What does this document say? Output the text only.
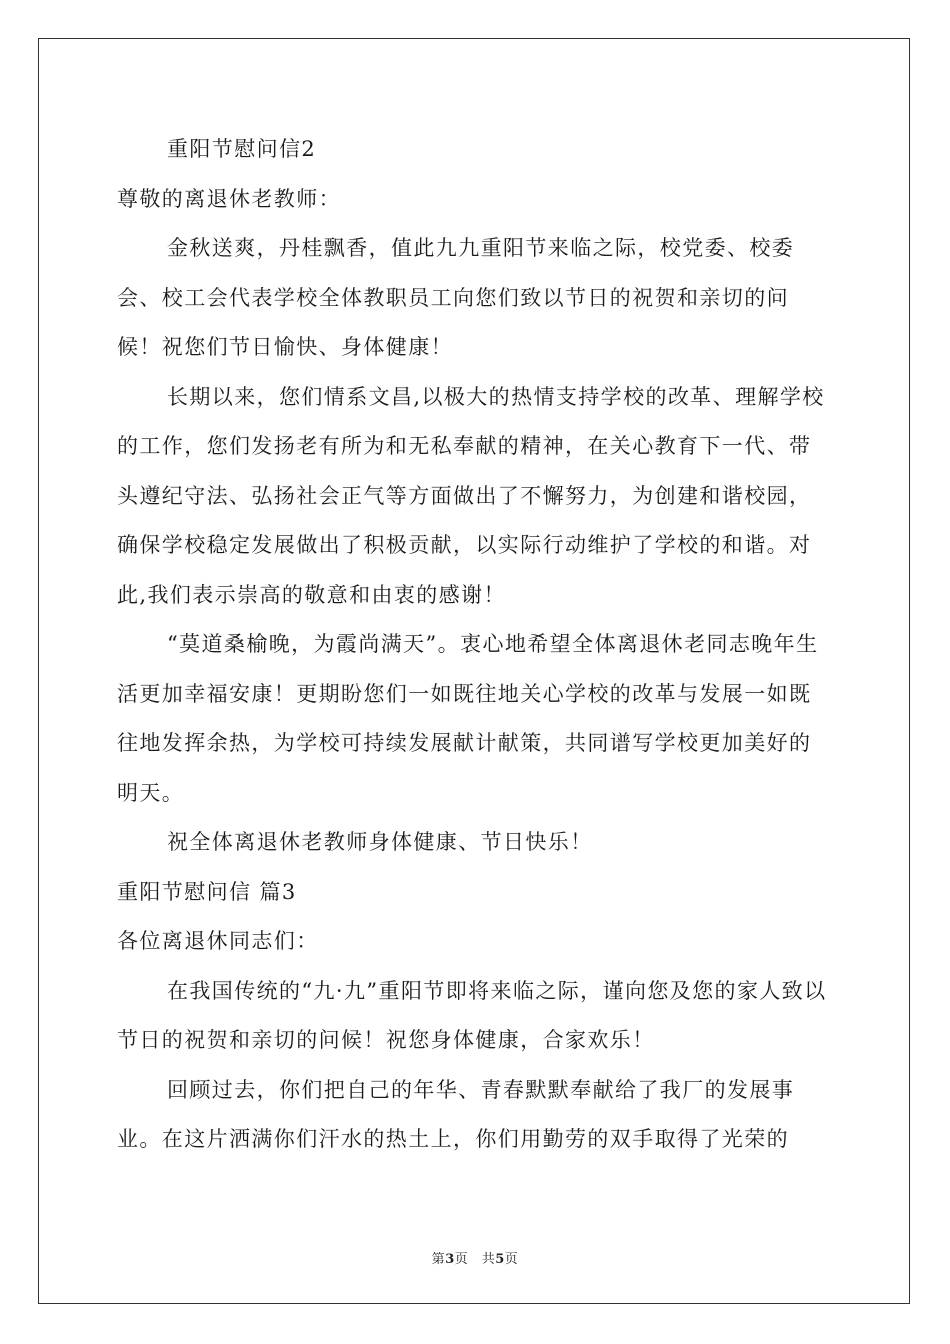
重阳节慰问信2

尊敬的离退休老教师：

金秋送爽，丹桂飘香，值此九九重阳节来临之际，校党委、校委会、校工会代表学校全体教职员工向您们致以节日的祝贺和亲切的问候！祝您们节日愉快、身体健康！

长期以来，您们情系文昌,以极大的热情支持学校的改革、理解学校的工作，您们发扬老有所为和无私奉献的精神，在关心教育下一代、带头遵纪守法、弘扬社会正气等方面做出了不懈努力，为创建和谐校园，确保学校稳定发展做出了积极贡献，以实际行动维护了学校的和谐。对此,我们表示崇高的敬意和由衷的感谢！

“莫道桑榆晚，为霞尚满天”。衷心地希望全体离退休老同志晚年生活更加幸福安康！更期盼您们一如既往地关心学校的改革与发展一如既往地发挥余热，为学校可持续发展献计献策，共同谱写学校更加美好的明天。

祝全体离退休老教师身体健康、节日快乐！

重阳节慰问信 篇3

各位离退休同志们：

在我国传统的“九·九”重阳节即将来临之际，谨向您及您的家人致以节日的祝贺和亲切的问候！祝您身体健康，合家欢乐！

回顾过去，你们把自己的年华、青春默默奉献给了我厂的发展事业。在这片洒满你们汗水的热土上，你们用勤劳的双手取得了光荣的

第3页　共5页
